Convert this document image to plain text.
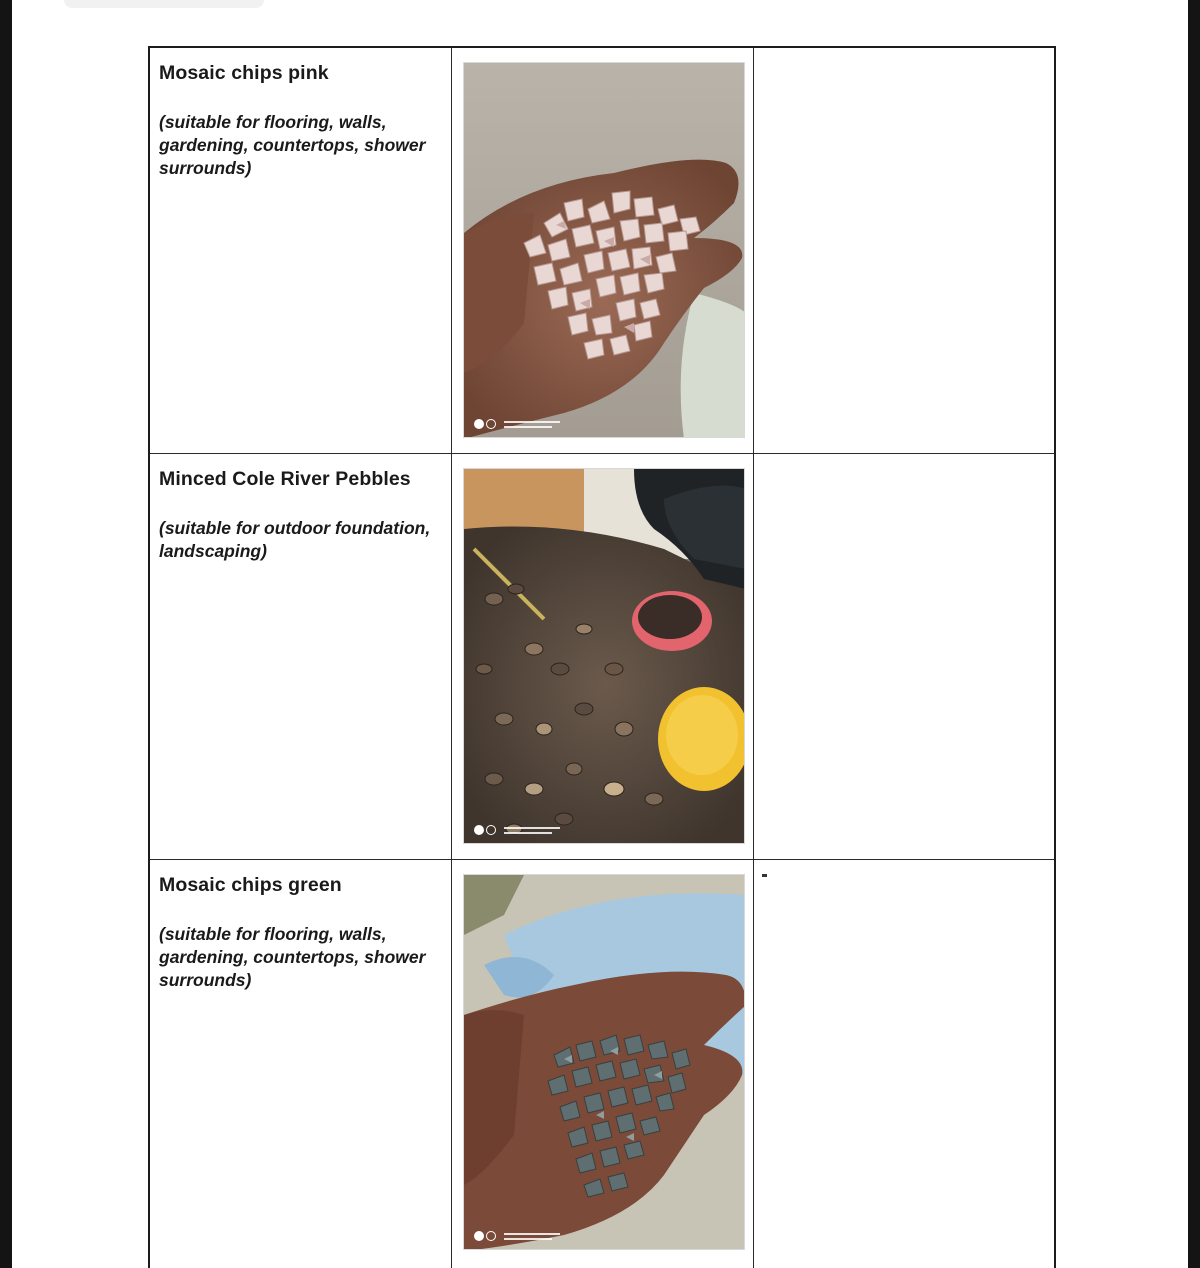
Mosaic chips pink

(suitable for flooring, walls, gardening, countertops, shower surrounds)

Minced Cole River Pebbles

(suitable for outdoor foundation, landscaping)

Mosaic chips green

(suitable for flooring, walls, gardening, countertops, shower surrounds)
